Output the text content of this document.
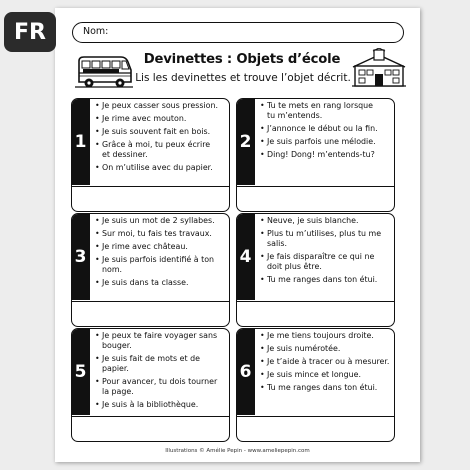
FR	Nom:
Devinettes : Objets d’école
Lis les devinettes et trouve l’objet décrit.
1
• Je peux casser sous pression.
• Je rime avec mouton.
• Je suis souvent fait en bois.
• Grâce à moi, tu peux écrire
et dessiner.
• On m’utilise avec du papier.
2
• Tu te mets en rang lorsque
tu m’entends.
• J’annonce le début ou la fin.
• Je suis parfois une mélodie.
• Ding! Dong! m’entends-tu?
3
• Je suis un mot de 2 syllabes.
• Sur moi, tu fais tes travaux.
• Je rime avec château.
• Je suis parfois identifié à ton
nom.
• Je suis dans ta classe.
4
• Neuve, je suis blanche.
• Plus tu m’utilises, plus tu me
salis.
• Je fais disparaître ce qui ne
doit plus être.
• Tu me ranges dans ton étui.
5
• Je peux te faire voyager sans
bouger.
• Je suis fait de mots et de papier.
• Pour avancer, tu dois tourner
la page.
• Je suis à la bibliothèque.
6
• Je me tiens toujours droite.
• Je suis numérotée.
• Je t’aide à tracer ou à mesurer.
• Je suis mince et longue.
• Tu me ranges dans ton étui.
Illustrations © Amélie Pepin - www.ameliepepin.com
